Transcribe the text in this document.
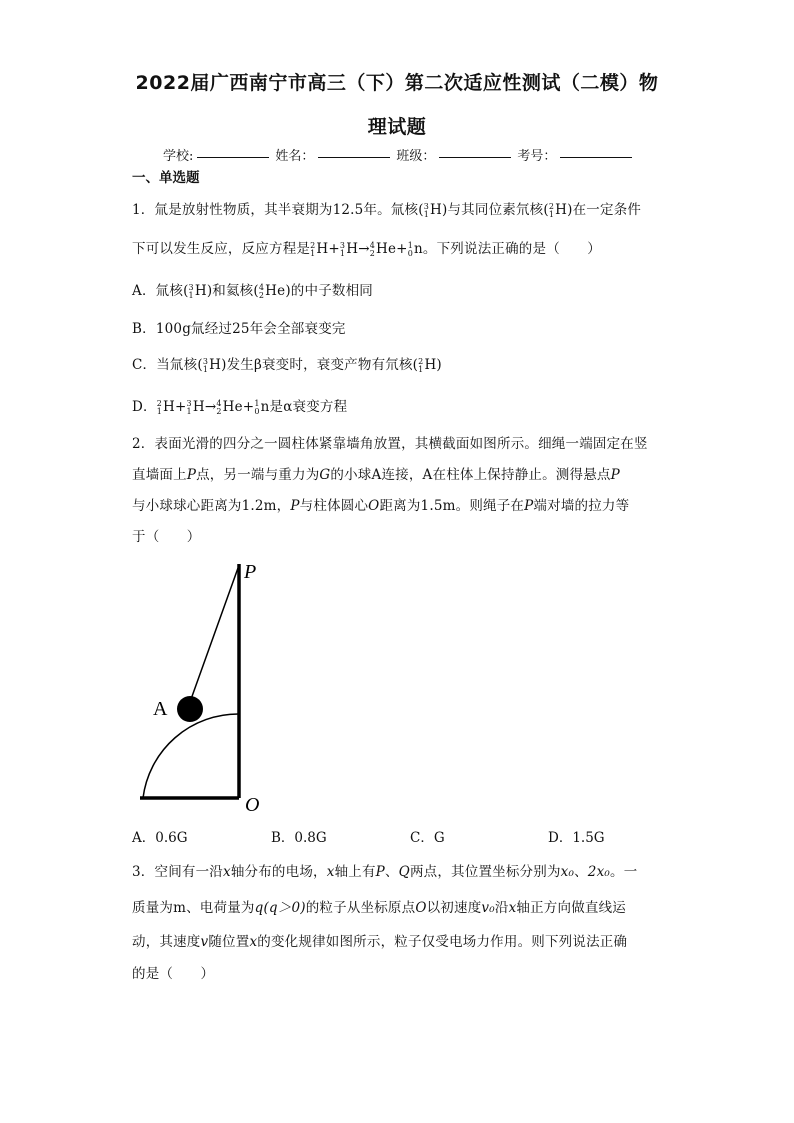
2022届广西南宁市高三（下）第二次适应性测试（二模）物
理试题
学校:	姓名：	班级：	考号：
一、单选题
1．氚是放射性物质，其半衰期为12.5年。氚核( 3
1 H)与其同位素氘核( 2
1 H)在一定条件
下可以发生反应，反应方程是 2
1 H+ 3
1 H→ 4
2 He+ 1
0 n。下列说法正确的是（　　）
A．氚核( 3
1 H)和氦核( 4
2 He)的中子数相同
B．100g氚经过25年会全部衰变完
C．当氚核( 3
1 H)发生β衰变时，衰变产物有氘核( 2
1 H)
D． 2
1 H+ 3
1 H→ 4
2 He+ 1
0 n是α衰变方程
2．表面光滑的四分之一圆柱体紧靠墙角放置，其横截面如图所示。细绳一端固定在竖
直墙面上P点，另一端与重力为G的小球A连接，A在柱体上保持静止。测得悬点P
与小球球心距离为1.2m，P与柱体圆心O距离为1.5m。则绳子在P端对墙的拉力等
于（　　）
P
A
O
A．0.6G	B．0.8G	C．G	D．1.5G
3．空间有一沿x轴分布的电场，x轴上有P、Q两点，其位置坐标分别为x₀、2x₀。一
质量为m、电荷量为q(q＞0)的粒子从坐标原点O以初速度v₀沿x轴正方向做直线运
动，其速度v随位置x的变化规律如图所示，粒子仅受电场力作用。则下列说法正确
的是（　　）
